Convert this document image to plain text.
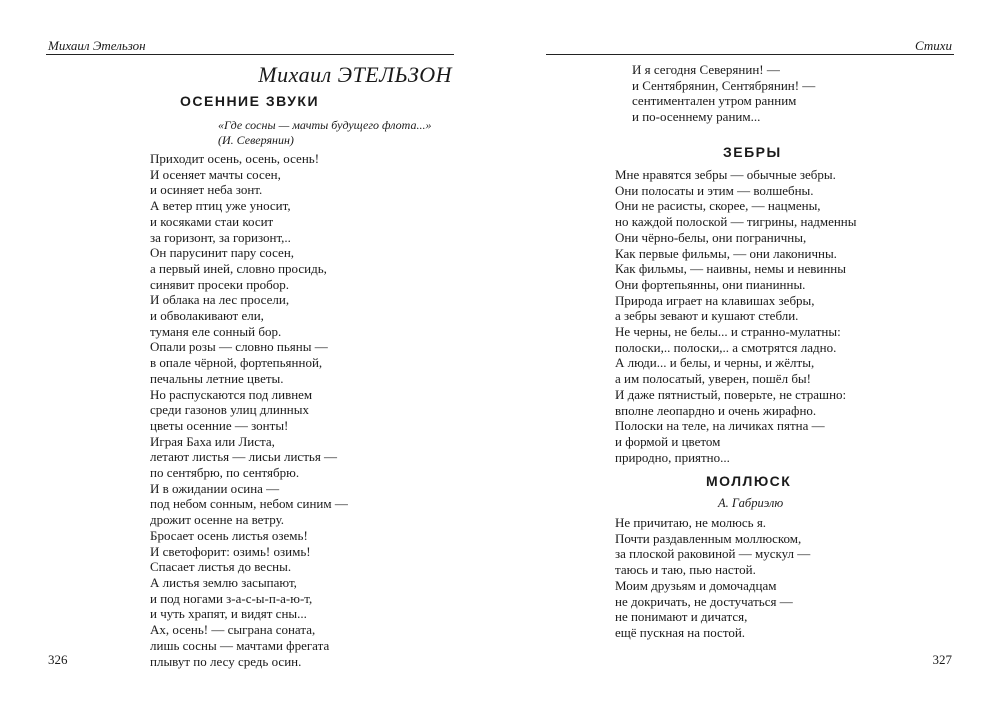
Михаил Этельзон
Михаил ЭТЕЛЬЗОН
ОСЕННИЕ ЗВУКИ
«Где сосны — мачты будущего флота...»
(И. Северянин)
Приходит осень, осень, осень!
И осеняет мачты сосен,
и осиняет неба зонт.
А ветер птиц уже уносит,
и косяками стаи косит
за горизонт, за горизонт,..
Он парусинит пару сосен,
а первый иней, словно просидь,
синявит просеки пробор.
И облака на лес просели,
и обволакивают ели,
туманя еле сонный бор.
Опали розы — словно пьяны —
в опале чёрной, фортепьянной,
печальны летние цветы.
Но распускаются под ливнем
среди газонов улиц длинных
цветы осенние — зонты!
Играя Баха или Листа,
летают листья — лисьи листья —
по сентябрю, по сентябрю.
И в ожидании осина —
под небом сонным, небом синим —
дрожит осенне на ветру.
Бросает осень листья оземь!
И светофорит: озимь! озимь!
Спасает листья до весны.
А листья землю засыпают,
и под ногами з-а-с-ы-п-а-ю-т,
и чуть храпят, и видят сны...
Ах, осень! — сыграна соната,
лишь сосны — мачтами фрегата
плывут по лесу средь осин.
326
Стихи
И я сегодня Северянин! —
и Сентябрянин, Сентябрянин! —
сентиментален утром ранним
и по-осеннему раним...
ЗЕБРЫ
Мне нравятся зебры — обычные зебры.
Они полосаты и этим — волшебны.
Они не расисты, скорее, — нацмены,
но каждой полоской — тигрины, надменны
Они чёрно-белы, они пограничны,
Как первые фильмы, — они лаконичны.
Как фильмы, — наивны, немы и невинны
Они фортепьянны, они пианинны.
Природа играет на клавишах зебры,
а зебры зевают и кушают стебли.
Не черны, не белы... и странно-мулатны:
полоски,.. полоски,.. а смотрятся ладно.
А люди... и белы, и черны, и жёлты,
а им полосатый, уверен, пошёл бы!
И даже пятнистый, поверьте, не страшно:
вполне леопардно и очень жирафно.
Полоски на теле, на личиках пятна —
и формой и цветом
природно, приятно...
МОЛЛЮСК
А. Габриэлю
Не причитаю, не молюсь я.
Почти раздавленным моллюском,
за плоской раковиной — мускул —
таюсь и таю, пью настой.
Моим друзьям и домочадцам
не докричать, не достучаться —
не понимают и дичатся,
ещё пускная на постой.
327
